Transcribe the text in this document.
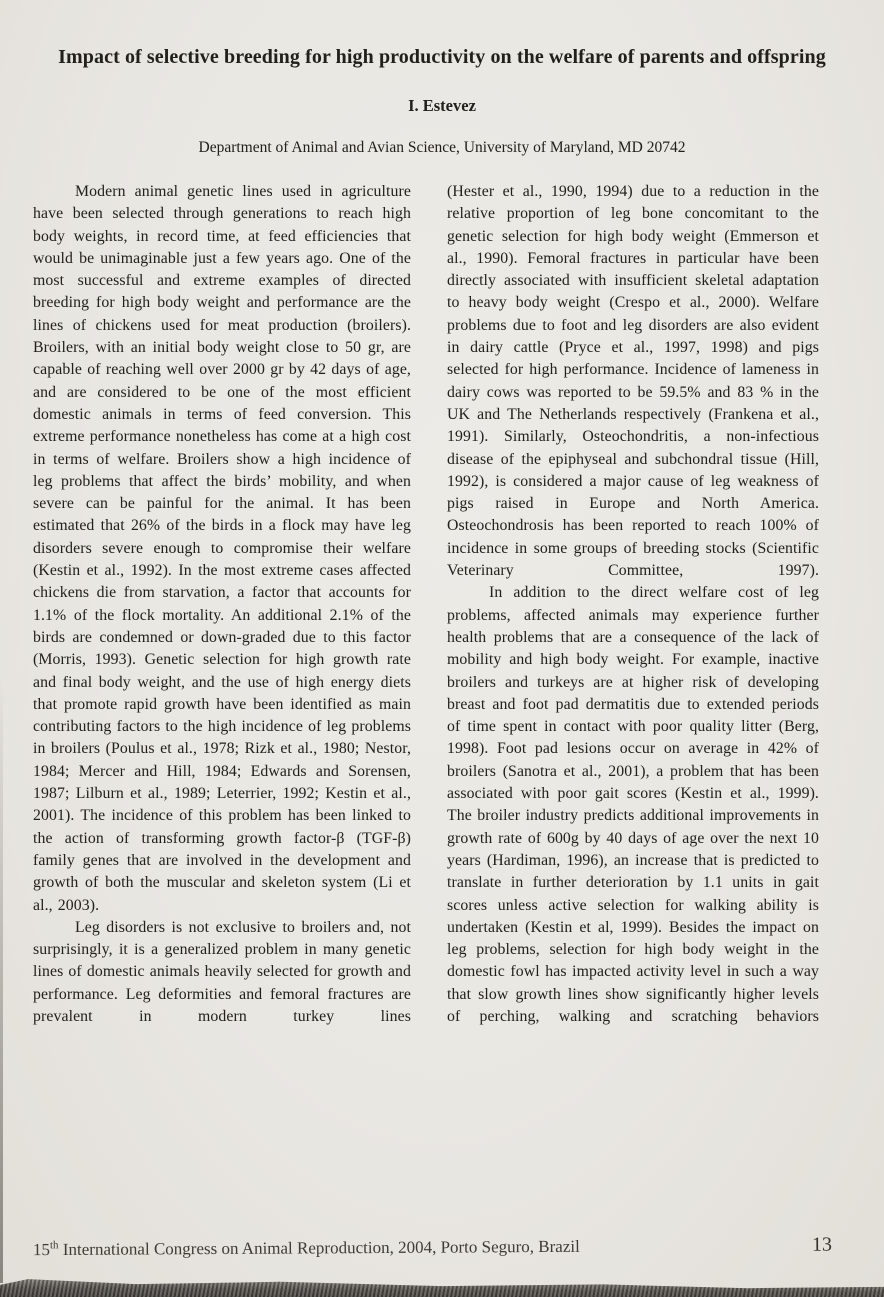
Impact of selective breeding for high productivity on the welfare of parents and offspring
I. Estevez
Department of Animal and Avian Science, University of Maryland, MD 20742

Modern animal genetic lines used in agriculture have been selected through generations to reach high body weights, in record time, at feed efficiencies that would be unimaginable just a few years ago. One of the most successful and extreme examples of directed breeding for high body weight and performance are the lines of chickens used for meat production (broilers). Broilers, with an initial body weight close to 50 gr, are capable of reaching well over 2000 gr by 42 days of age, and are considered to be one of the most efficient domestic animals in terms of feed conversion. This extreme performance nonetheless has come at a high cost in terms of welfare. Broilers show a high incidence of leg problems that affect the birds’ mobility, and when severe can be painful for the animal. It has been estimated that 26% of the birds in a flock may have leg disorders severe enough to compromise their welfare (Kestin et al., 1992). In the most extreme cases affected chickens die from starvation, a factor that accounts for 1.1% of the flock mortality. An additional 2.1% of the birds are condemned or down-graded due to this factor (Morris, 1993). Genetic selection for high growth rate and final body weight, and the use of high energy diets that promote rapid growth have been identified as main contributing factors to the high incidence of leg problems in broilers (Poulus et al., 1978; Rizk et al., 1980; Nestor, 1984; Mercer and Hill, 1984; Edwards and Sorensen, 1987; Lilburn et al., 1989; Leterrier, 1992; Kestin et al., 2001). The incidence of this problem has been linked to the action of transforming growth factor-β (TGF-β) family genes that are involved in the development and growth of both the muscular and skeleton system (Li et al., 2003).

Leg disorders is not exclusive to broilers and, not surprisingly, it is a generalized problem in many genetic lines of domestic animals heavily selected for growth and performance. Leg deformities and femoral fractures are prevalent in modern turkey lines

(Hester et al., 1990, 1994) due to a reduction in the relative proportion of leg bone concomitant to the genetic selection for high body weight (Emmerson et al., 1990). Femoral fractures in particular have been directly associated with insufficient skeletal adaptation to heavy body weight (Crespo et al., 2000). Welfare problems due to foot and leg disorders are also evident in dairy cattle (Pryce et al., 1997, 1998) and pigs selected for high performance. Incidence of lameness in dairy cows was reported to be 59.5% and 83 % in the UK and The Netherlands respectively (Frankena et al., 1991). Similarly, Osteochondritis, a non-infectious disease of the epiphyseal and subchondral tissue (Hill, 1992), is considered a major cause of leg weakness of pigs raised in Europe and North America. Osteochondrosis has been reported to reach 100% of incidence in some groups of breeding stocks (Scientific Veterinary Committee, 1997).

In addition to the direct welfare cost of leg problems, affected animals may experience further health problems that are a consequence of the lack of mobility and high body weight. For example, inactive broilers and turkeys are at higher risk of developing breast and foot pad dermatitis due to extended periods of time spent in contact with poor quality litter (Berg, 1998). Foot pad lesions occur on average in 42% of broilers (Sanotra et al., 2001), a problem that has been associated with poor gait scores (Kestin et al., 1999). The broiler industry predicts additional improvements in growth rate of 600g by 40 days of age over the next 10 years (Hardiman, 1996), an increase that is predicted to translate in further deterioration by 1.1 units in gait scores unless active selection for walking ability is undertaken (Kestin et al, 1999). Besides the impact on leg problems, selection for high body weight in the domestic fowl has impacted activity level in such a way that slow growth lines show significantly higher levels of perching, walking and scratching behaviors

15th International Congress on Animal Reproduction, 2004, Porto Seguro, Brazil	13
